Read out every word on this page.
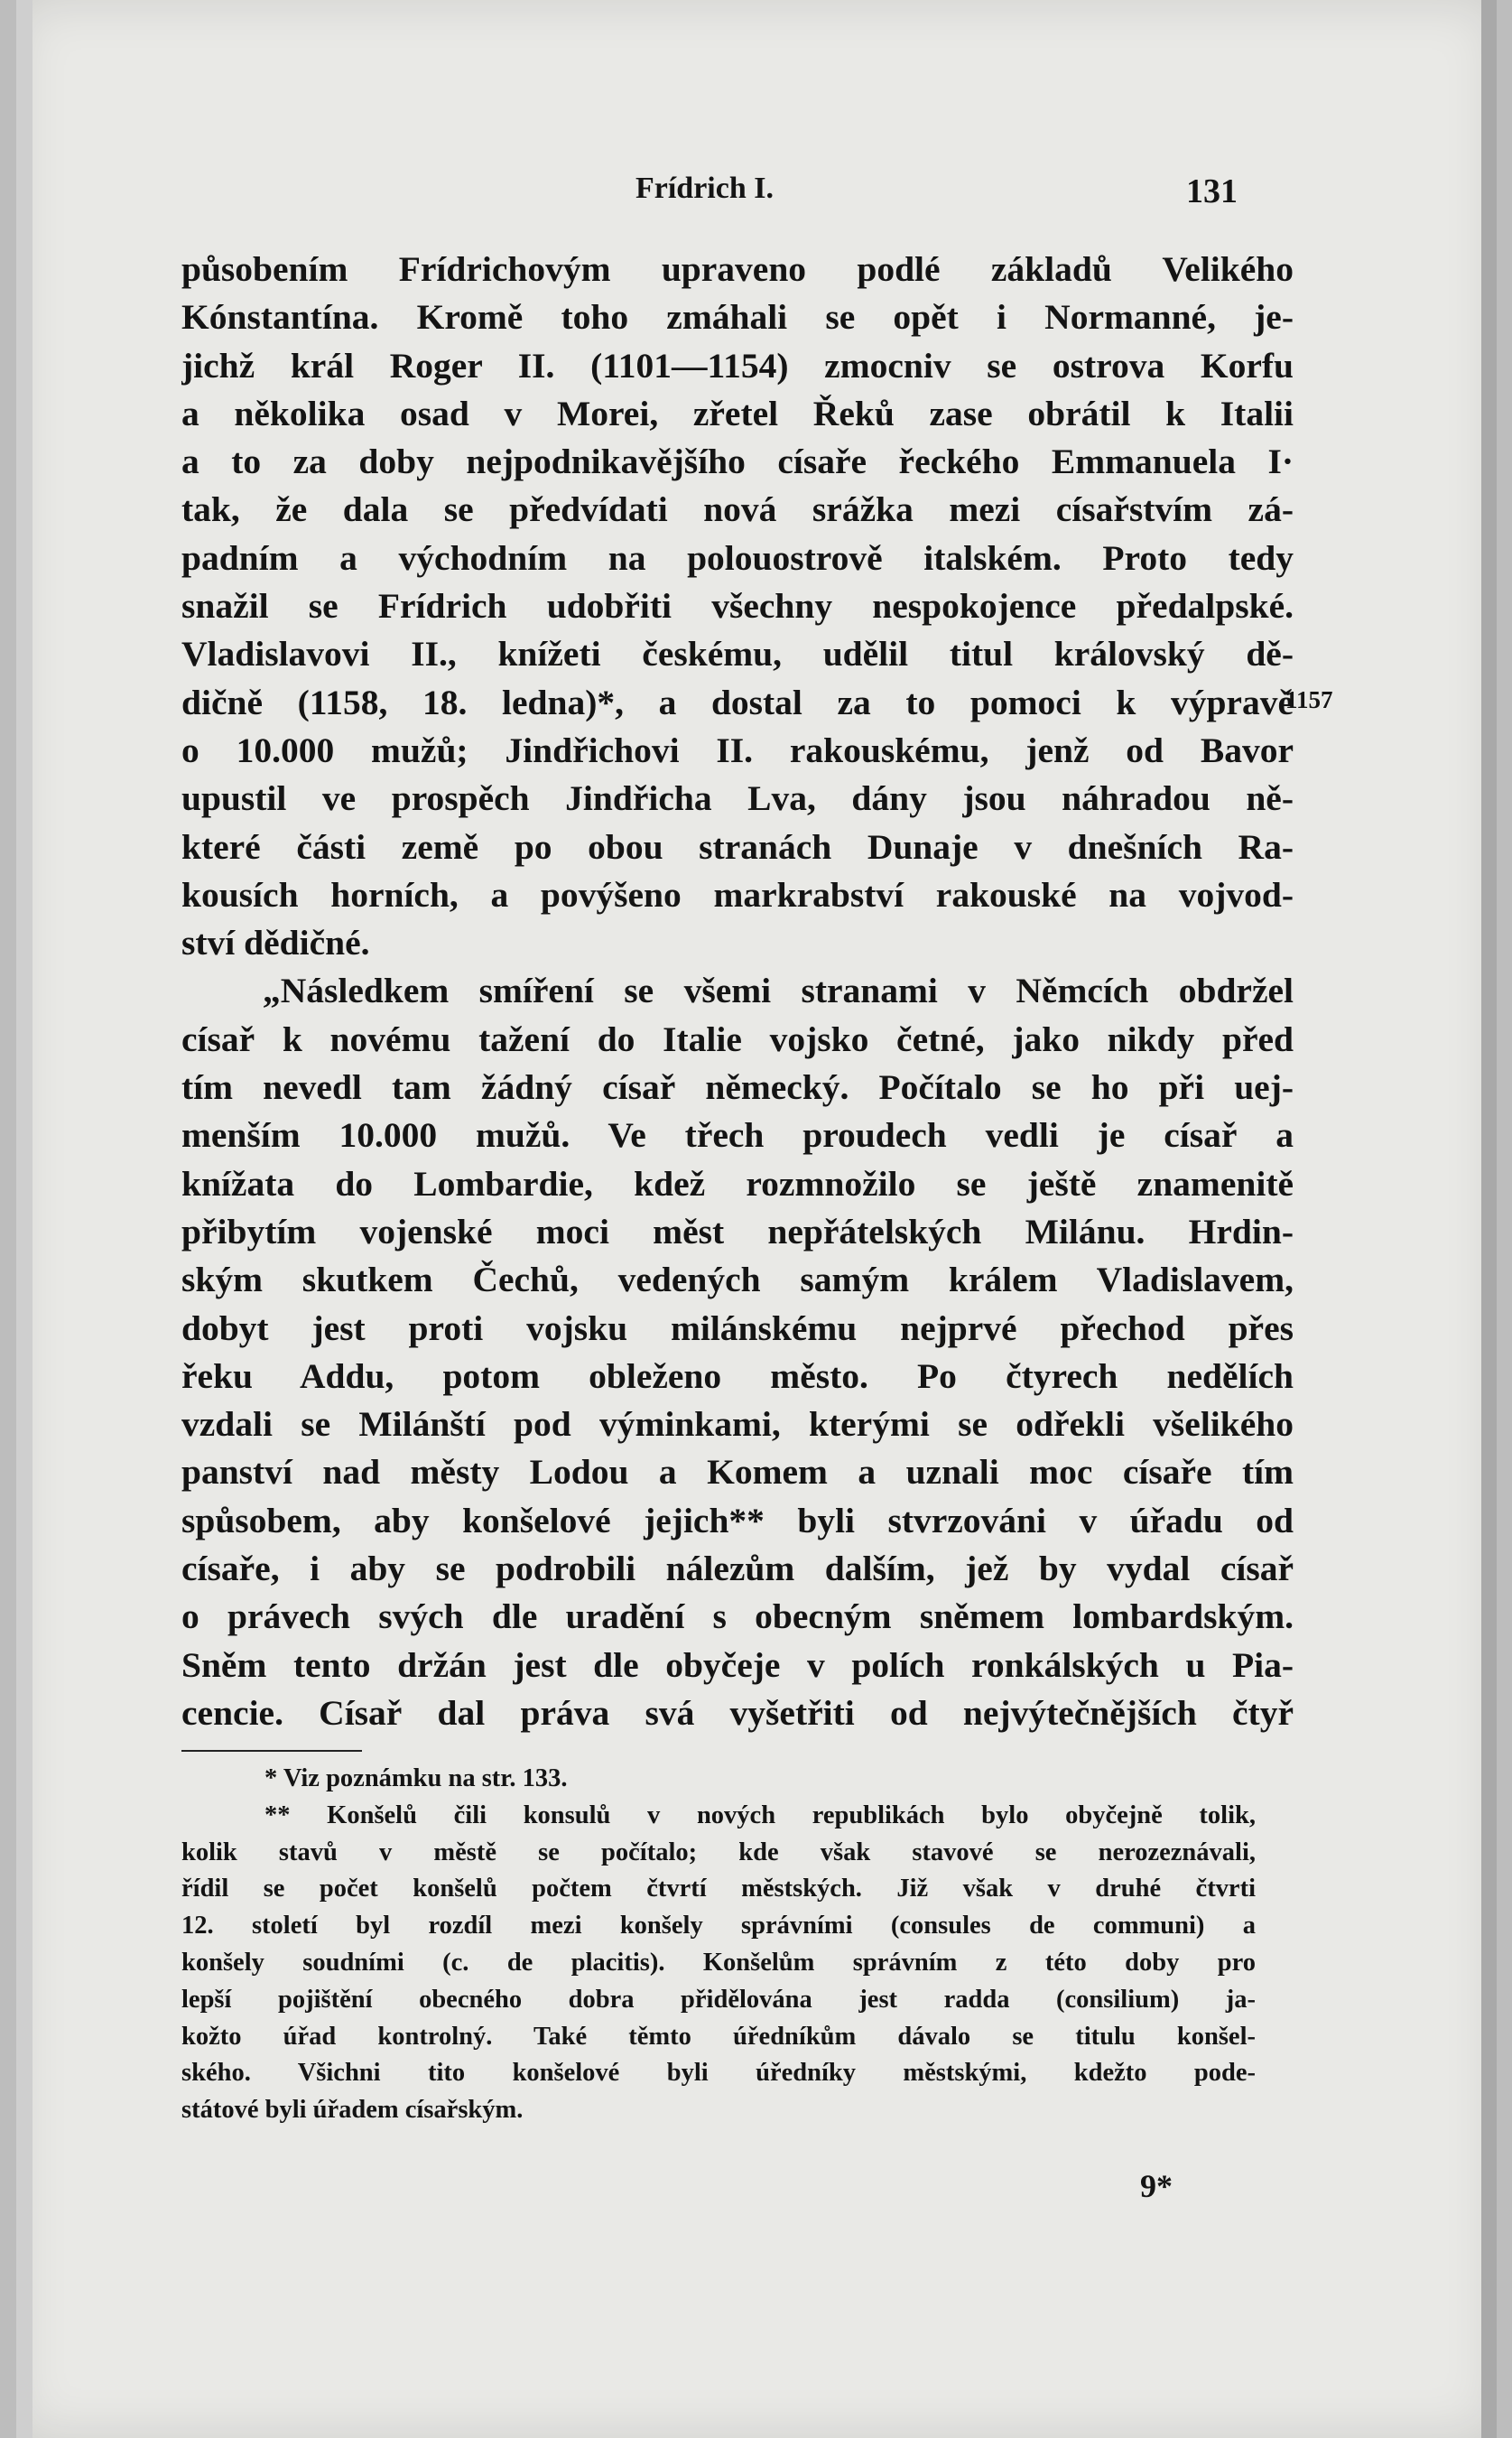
Frídrich I.	131
1157
působením Frídrichovým upraveno podlé základů Velikého
Kónstantína. Kromě toho zmáhali se opět i Normanné, je-
jichž král Roger II. (1101—1154) zmocniv se ostrova Korfu
a několika osad v Morei, zřetel Řeků zase obrátil k Italii
a to za doby nejpodnikavějšího císaře řeckého Emmanuela I·
tak, že dala se předvídati nová srážka mezi císařstvím zá-
padním a východním na polouostrově italském. Proto tedy
snažil se Frídrich udobřiti všechny nespokojence předalpské.
Vladislavovi II., knížeti českému, udělil titul královský dě-
dičně (1158, 18. ledna)*, a dostal za to pomoci k výpravě
o 10.000 mužů; Jindřichovi II. rakouskému, jenž od Bavor
upustil ve prospěch Jindřicha Lva, dány jsou náhradou ně-
které části země po obou stranách Dunaje v dnešních Ra-
kousích horních, a povýšeno markrabství rakouské na vojvod-
ství dědičné.
„Následkem smíření se všemi stranami v Němcích obdržel
císař k novému tažení do Italie vojsko četné, jako nikdy před
tím nevedl tam žádný císař německý. Počítalo se ho při uej-
menším 10.000 mužů. Ve třech proudech vedli je císař a
knížata do Lombardie, kdež rozmnožilo se ještě znamenitě
přibytím vojenské moci měst nepřátelských Milánu. Hrdin-
ským skutkem Čechů, vedených samým králem Vladislavem,
dobyt jest proti vojsku milánskému nejprvé přechod přes
řeku Addu, potom obleženo město. Po čtyrech nedělích
vzdali se Milánští pod výminkami, kterými se odřekli všelikého
panství nad městy Lodou a Komem a uznali moc císaře tím
spůsobem, aby konšelové jejich** byli stvrzováni v úřadu od
císaře, i aby se podrobili nálezům dalším, jež by vydal císař
o právech svých dle uradění s obecným sněmem lombardským.
Sněm tento držán jest dle obyčeje v polích ronkálských u Pia-
cencie. Císař dal práva svá vyšetřiti od nejvýtečnějších čtyř
* Viz poznámku na str. 133.
** Konšelů čili konsulů v nových republikách bylo obyčejně tolik,
kolik stavů v městě se počítalo; kde však stavové se nerozeznávali,
řídil se počet konšelů počtem čtvrtí městských. Již však v druhé čtvrti
12. století byl rozdíl mezi konšely správními (consules de communi) a
konšely soudními (c. de placitis). Konšelům správním z této doby pro
lepší pojištění obecného dobra přidělována jest radda (consilium) ja-
kožto úřad kontrolný. Také těmto úředníkům dávalo se titulu konšel-
ského. Všichni tito konšelové byli úředníky městskými, kdežto pode-
státové byli úřadem císařským.
9*
